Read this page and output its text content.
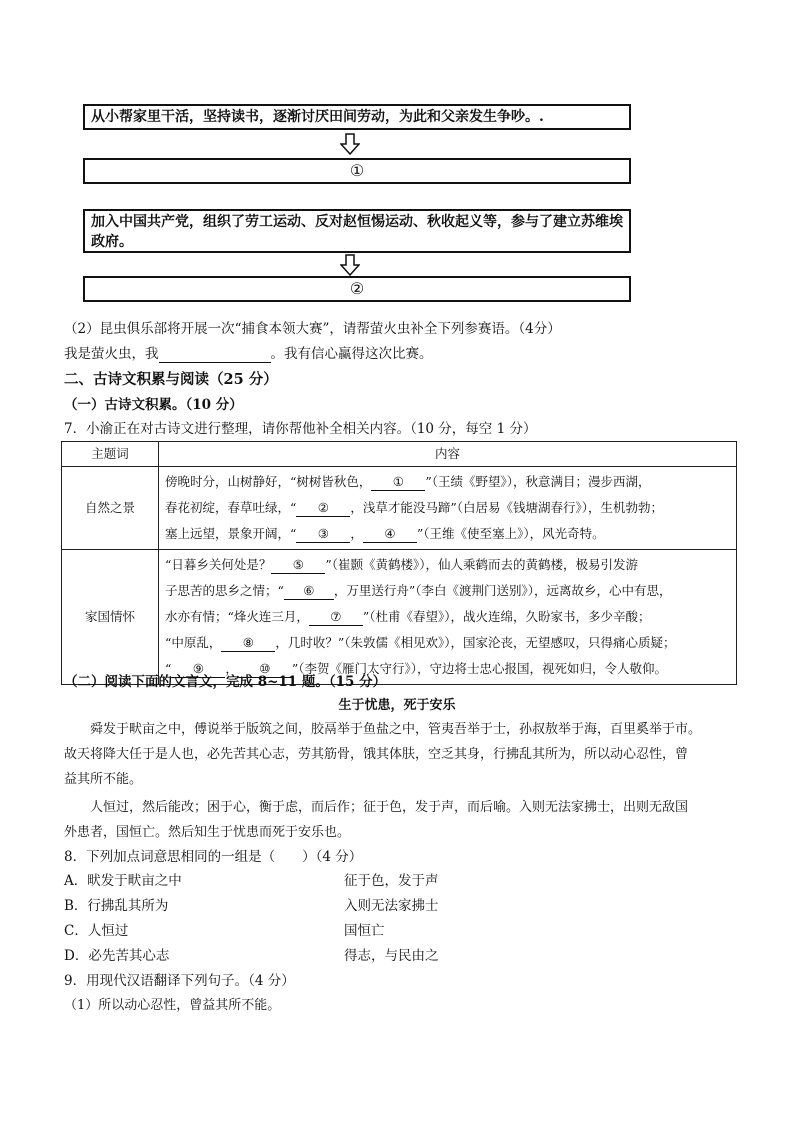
从小帮家里干活，坚持读书，逐渐讨厌田间劳动，为此和父亲发生争吵。.
①
加入中国共产党，组织了劳工运动、反对赵恒惕运动、秋收起义等，参与了建立苏维埃政府。
②
（2）昆虫俱乐部将开展一次“捕食本领大赛”，请帮萤火虫补全下列参赛语。（4分）
我是萤火虫，我	。我有信心赢得这次比赛。
二、古诗文积累与阅读（25 分）
（一）古诗文积累。（10 分）
7．小渝正在对古诗文进行整理，请你帮他补全相关内容。（10 分，每空 1 分）
主题词	内容
自然之景	傍晚时分，山树静好，“树树皆秋色， ① ”（王绩《野望》），秋意满目；漫步西湖，
春花初绽，春草吐绿，“ ② ，浅草才能没马蹄”（白居易《钱塘湖春行》），生机勃勃；
塞上远望，景象开阔，“ ③ ， ④ ”（王维《使至塞上》），风光奇特。

家国情怀	“日暮乡关何处是？ ⑤ ”（崔颢《黄鹤楼》），仙人乘鹤而去的黄鹤楼，极易引发游
子思苦的思乡之情；“ ⑥ ，万里送行舟”（李白《渡荆门送别》），远离故乡，心中有思，
水亦有情；“烽火连三月， ⑦ ”（杜甫《春望》），战火连绵，久盼家书，多少辛酸；
“中原乱， ⑧ ，几时收？”（朱敦儒《相见欢》），国家沦丧，无望感叹，只得痛心质疑；
“ ⑨ ， ⑩ ”（李贺《雁门太守行》），守边将士忠心报国，视死如归，令人敬仰。
（二）阅读下面的文言文，完成 8~11 题。（15 分）
生于忧患，死于安乐
舜发于畎亩之中，傅说举于版筑之间，胶鬲举于鱼盐之中，管夷吾举于士，孙叔敖举于海，百里奚举于市。
故天将降大任于是人也，必先苦其心志，劳其筋骨，饿其体肤，空乏其身，行拂乱其所为，所以动心忍性，曾
益其所不能。
人恒过，然后能改；困于心，衡于虑，而后作；征于色，发于声，而后喻。入则无法家拂士，出则无敌国
外患者，国恒亡。然后知生于忧患而死于安乐也。
8．下列加点词意思相同的一组是（　　）（4 分）
A．畎发于畎亩之中	征于色，发于声
B．行拂乱其所为	入则无法家拂士
C．人恒过	国恒亡
D．必先苦其心志	得志，与民由之
9．用现代汉语翻译下列句子。（4 分）
（1）所以动心忍性，曾益其所不能。
